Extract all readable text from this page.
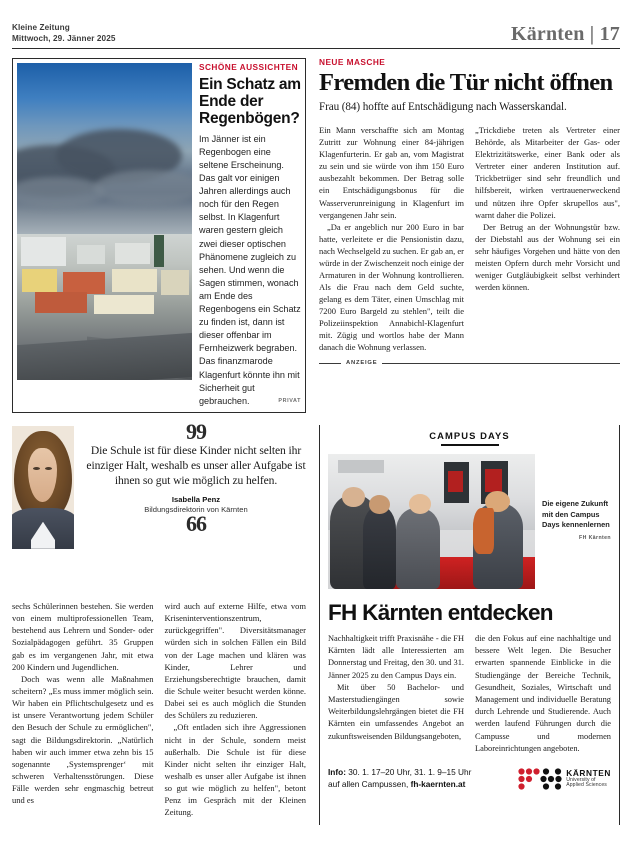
Kleine Zeitung
Mittwoch, 29. Jänner 2025	Kärnten | 17
SCHÖNE AUSSICHTEN
Ein Schatz am Ende der Regenbögen?
Im Jänner ist ein Regenbogen eine seltene Erscheinung. Das galt vor einigen Jahren allerdings auch noch für den Regen selbst. In Klagenfurt waren gestern gleich zwei dieser optischen Phänomene zugleich zu sehen. Und wenn die Sagen stimmen, wonach am Ende des Regenbogens ein Schatz zu finden ist, dann ist dieser offenbar im Fernheizwerk begraben. Das finanzmarode Klagenfurt könnte ihn mit Sicherheit gut gebrauchen.	PRIVAT
NEUE MASCHE
Fremden die Tür nicht öffnen
Frau (84) hoffte auf Entschädigung nach Wasserskandal.

Ein Mann verschaffte sich am Montag Zutritt zur Wohnung einer 84-jährigen Klagenfurterin. Er gab an, vom Magistrat zu sein und sie würde von ihm 150 Euro ausbezahlt bekommen. Der Betrag solle ein Entschädigungsbonus für die Wasserverunreinigung in Klagenfurt im vergangenen Jahr sein.

„Da er angeblich nur 200 Euro in bar hatte, verleitete er die Pensionistin dazu, nach Wechselgeld zu suchen. Er gab an, er würde in der Zwischenzeit noch einige der Armaturen in der Wohnung kontrollieren. Als die Frau nach dem Geld suchte, gelang es dem Täter, einen Umschlag mit 7200 Euro Bargeld zu stehlen", teilt die Polizeiinspektion Annabichl-Klagenfurt mit. Zügig und wortlos habe der Mann danach die Wohnung verlassen.

„Trickdiebe treten als Vertreter einer Behörde, als Mitarbeiter der Gas- oder Elektrizitätswerke, einer Bank oder als Vertreter einer anderen Institution auf. Trickbetrüger sind sehr freundlich und hilfsbereit, wirken vertrauenerweckend und nützen ihre Opfer skrupellos aus", warnt daher die Polizei.

Der Betrug an der Wohnungstür bzw. der Diebstahl aus der Wohnung sei ein sehr häufiges Vorgehen und hätte von den meisten Opfern durch mehr Vorsicht und weniger Gutgläubigkeit selbst verhindert werden können.

ANZEIGE
99
Die Schule ist für diese Kinder nicht selten ihr einziger Halt, weshalb es unser aller Aufgabe ist ihnen so gut wie möglich zu helfen.
Isabella Penz
Bildungsdirektorin von Kärnten
66
CAMPUS DAYS
Die eigene Zukunft mit den Campus Days kennenlernen
FH Kärnten
FH Kärnten entdecken

Nachhaltigkeit trifft Praxisnähe - die FH Kärnten lädt alle Interessierten am Donnerstag und Freitag, den 30. und 31. Jänner 2025 zu den Campus Days ein.

Mit über 50 Bachelor- und Masterstudiengängen sowie Weiterbildungslehrgängen bietet die FH Kärnten ein umfassendes Angebot an zukunftsweisenden Bildungsangeboten,

die den Fokus auf eine nachhaltige und bessere Welt legen. Die Besucher erwarten spannende Einblicke in die Studiengänge der Bereiche Technik, Gesundheit, Soziales, Wirtschaft und Management und individuelle Beratung durch Lehrende und Studierende. Auch werden laufend Führungen durch die Campusse und modernen Laboreinrichtungen angeboten.

Info: 30. 1. 17–20 Uhr, 31. 1. 9–15 Uhr
auf allen Campussen, fh-kaernten.at
KÄRNTEN
University of
Applied Sciences

sechs Schülerinnen bestehen. Sie werden von einem multiprofessionellen Team, bestehend aus Lehrern und Sonder- oder Sozialpädagogen geführt. 35 Gruppen gab es im vergangenen Jahr, mit etwa 200 Kindern und Jugendlichen.

Doch was wenn alle Maßnahmen scheitern? „Es muss immer möglich sein. Wir haben ein Pflichtschulgesetz und es ist unsere Verantwortung jedem Schüler den Besuch der Schule zu ermöglichen", sagt die Bildungsdirektorin. „Natürlich haben wir auch immer etwa zehn bis 15 sogenannte ‚Systemsprenger‘ mit schweren Verhaltensstörungen. Diese Fälle werden sehr engmaschig betreut und es

wird auch auf externe Hilfe, etwa vom Kriseninterventionszentrum, zurückgegriffen". Diversitätsmanager würden sich in solchen Fällen ein Bild von der Lage machen und klären was Kinder, Lehrer und Erziehungsberechtigte brauchen, damit die Schule weiter besucht werden könne. Dabei sei es auch möglich die Stunden des Schülers zu reduzieren.

„Oft entladen sich ihre Aggressionen nicht in der Schule, sondern meist außerhalb. Die Schule ist für diese Kinder nicht selten ihr einziger Halt, weshalb es unser aller Aufgabe ist ihnen so gut wie möglich zu helfen", betont Penz im Gespräch mit der Kleinen Zeitung.
